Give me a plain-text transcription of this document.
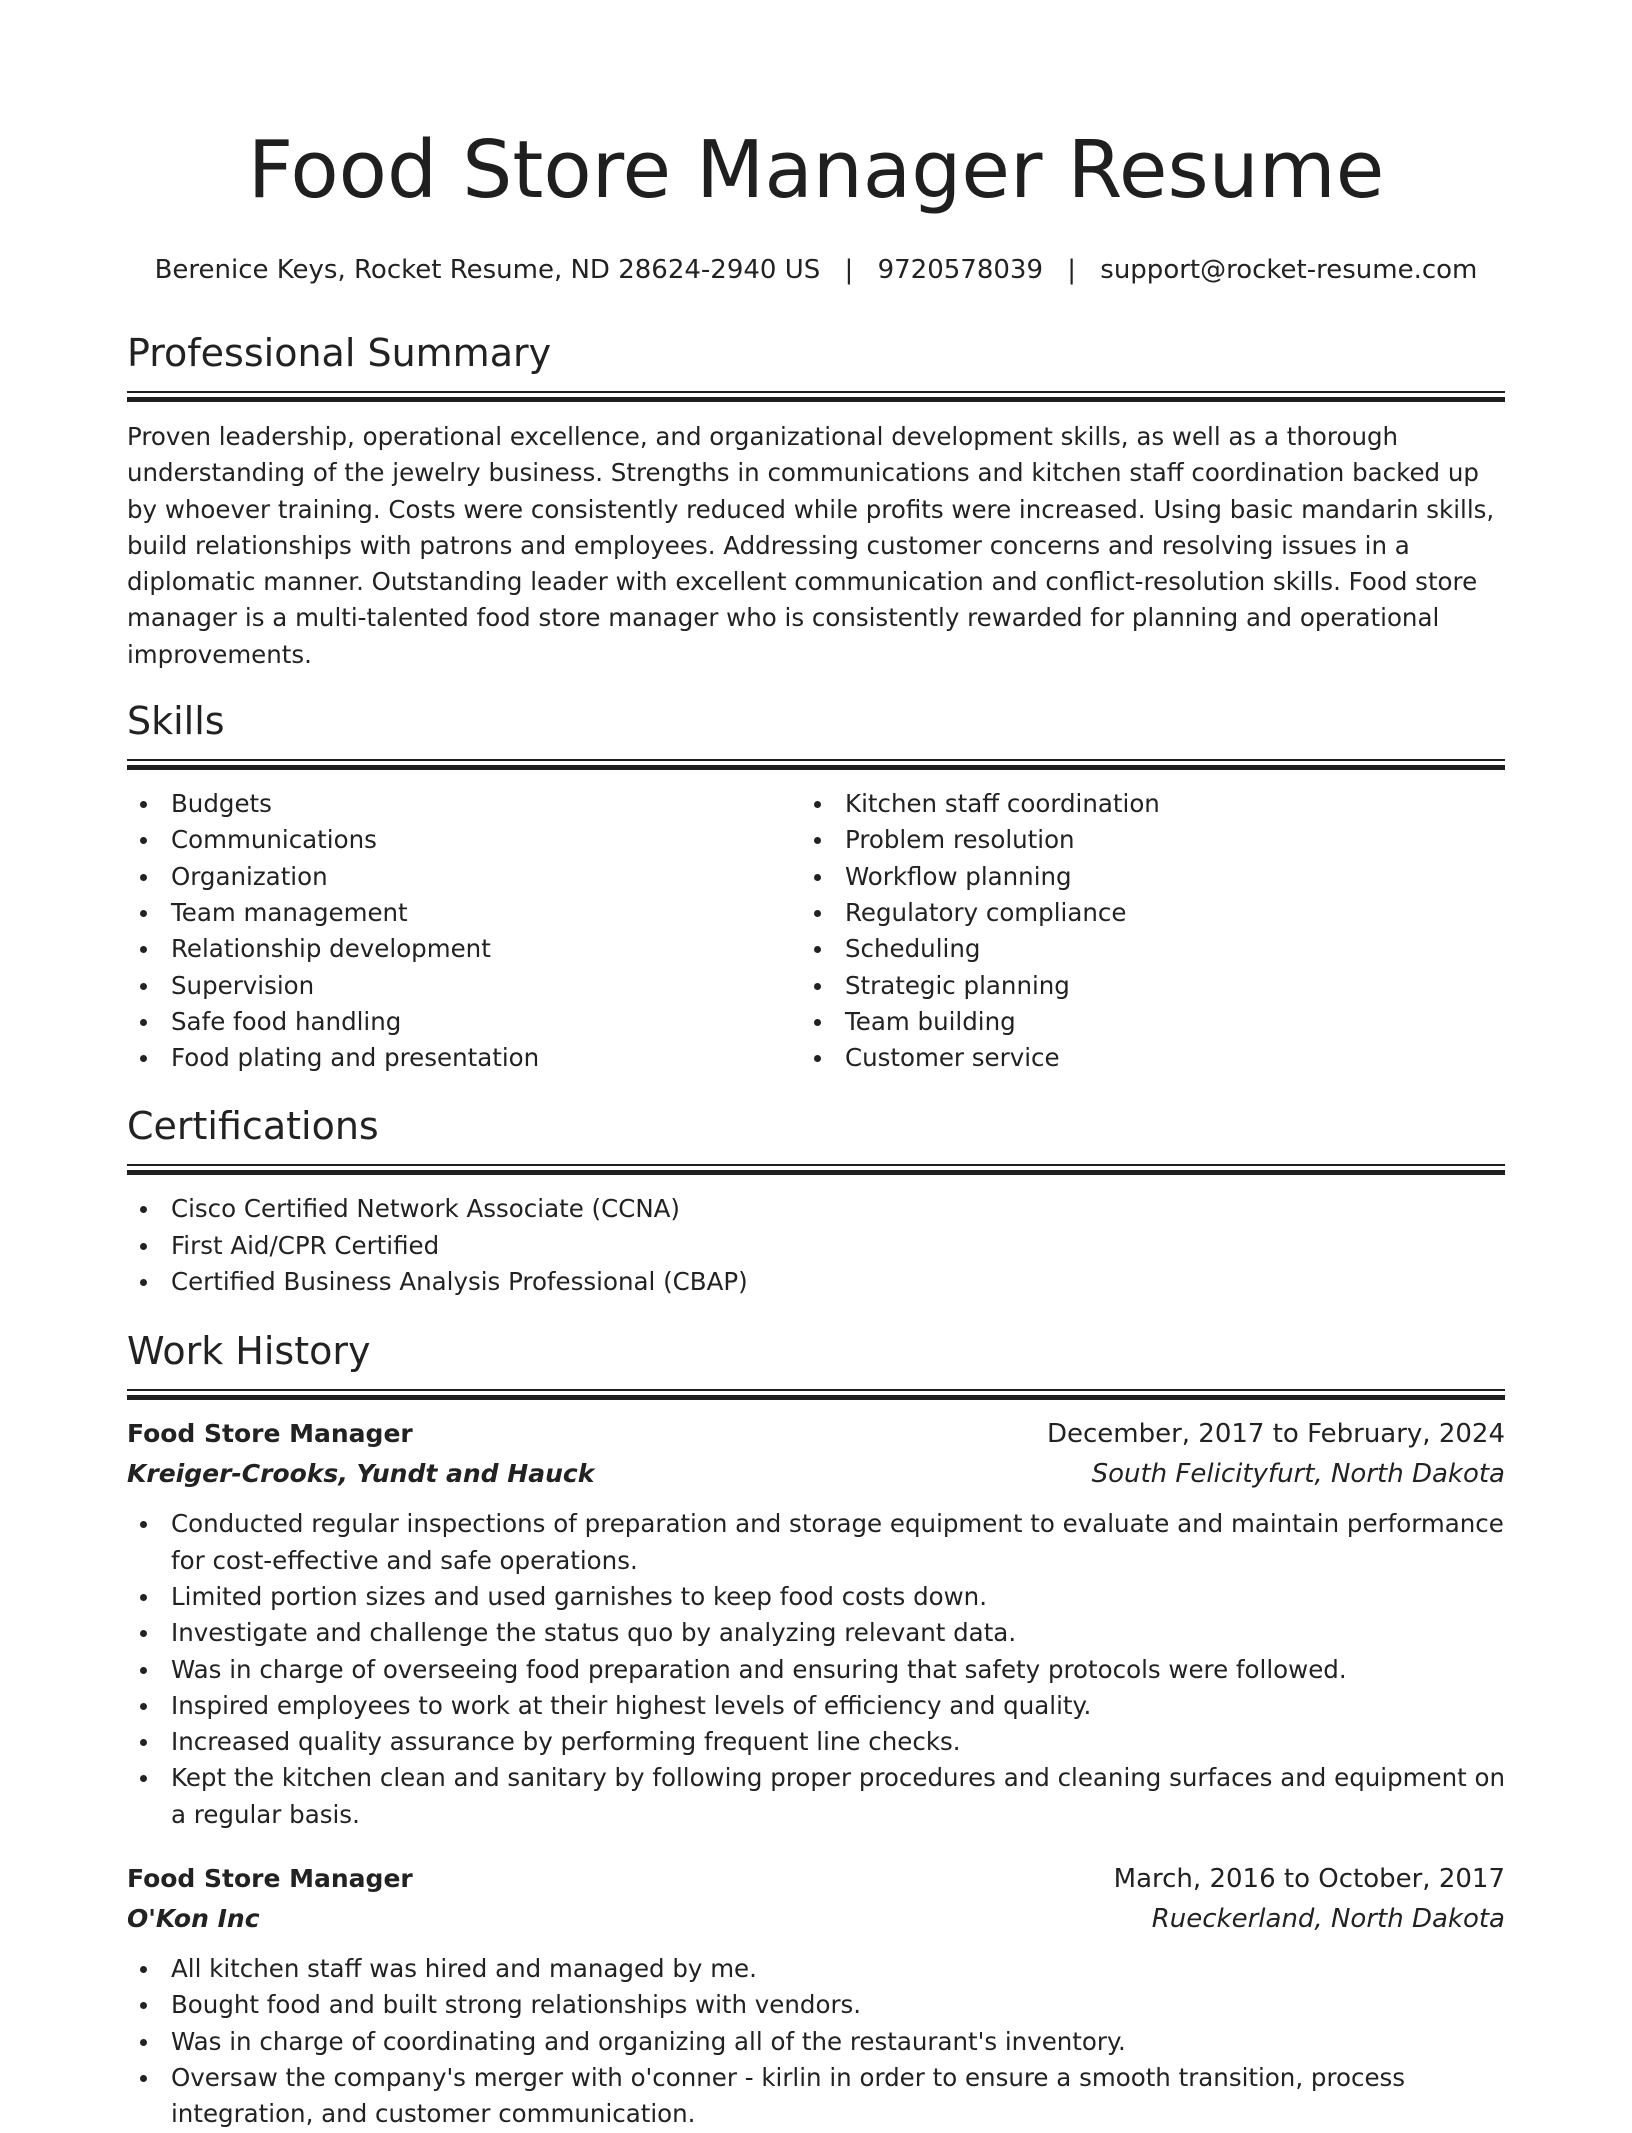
Food Store Manager Resume
Berenice Keys, Rocket Resume, ND 28624-2940 US | 9720578039 | support@rocket-resume.com
Professional Summary

Proven leadership, operational excellence, and organizational development skills, as well as a thorough understanding of the jewelry business. Strengths in communications and kitchen staff coordination backed up by whoever training. Costs were consistently reduced while profits were increased. Using basic mandarin skills, build relationships with patrons and employees. Addressing customer concerns and resolving issues in a diplomatic manner. Outstanding leader with excellent communication and conflict-resolution skills. Food store manager is a multi-talented food store manager who is consistently rewarded for planning and operational improvements.

Skills
Budgets
Communications
Organization
Team management
Relationship development
Supervision
Safe food handling
Food plating and presentation
Kitchen staff coordination
Problem resolution
Workflow planning
Regulatory compliance
Scheduling
Strategic planning
Team building
Customer service
Certifications
Cisco Certified Network Associate (CCNA)
First Aid/CPR Certified
Certified Business Analysis Professional (CBAP)
Work History
Food Store Manager	December, 2017 to February, 2024
Kreiger-Crooks, Yundt and Hauck	South Felicityfurt, North Dakota
Conducted regular inspections of preparation and storage equipment to evaluate and maintain performance for cost-effective and safe operations.
Limited portion sizes and used garnishes to keep food costs down.
Investigate and challenge the status quo by analyzing relevant data.
Was in charge of overseeing food preparation and ensuring that safety protocols were followed.
Inspired employees to work at their highest levels of efficiency and quality.
Increased quality assurance by performing frequent line checks.
Kept the kitchen clean and sanitary by following proper procedures and cleaning surfaces and equipment on a regular basis.
Food Store Manager	March, 2016 to October, 2017
O'Kon Inc	Rueckerland, North Dakota
All kitchen staff was hired and managed by me.
Bought food and built strong relationships with vendors.
Was in charge of coordinating and organizing all of the restaurant's inventory.
Oversaw the company's merger with o'conner - kirlin in order to ensure a smooth transition, process integration, and customer communication.
